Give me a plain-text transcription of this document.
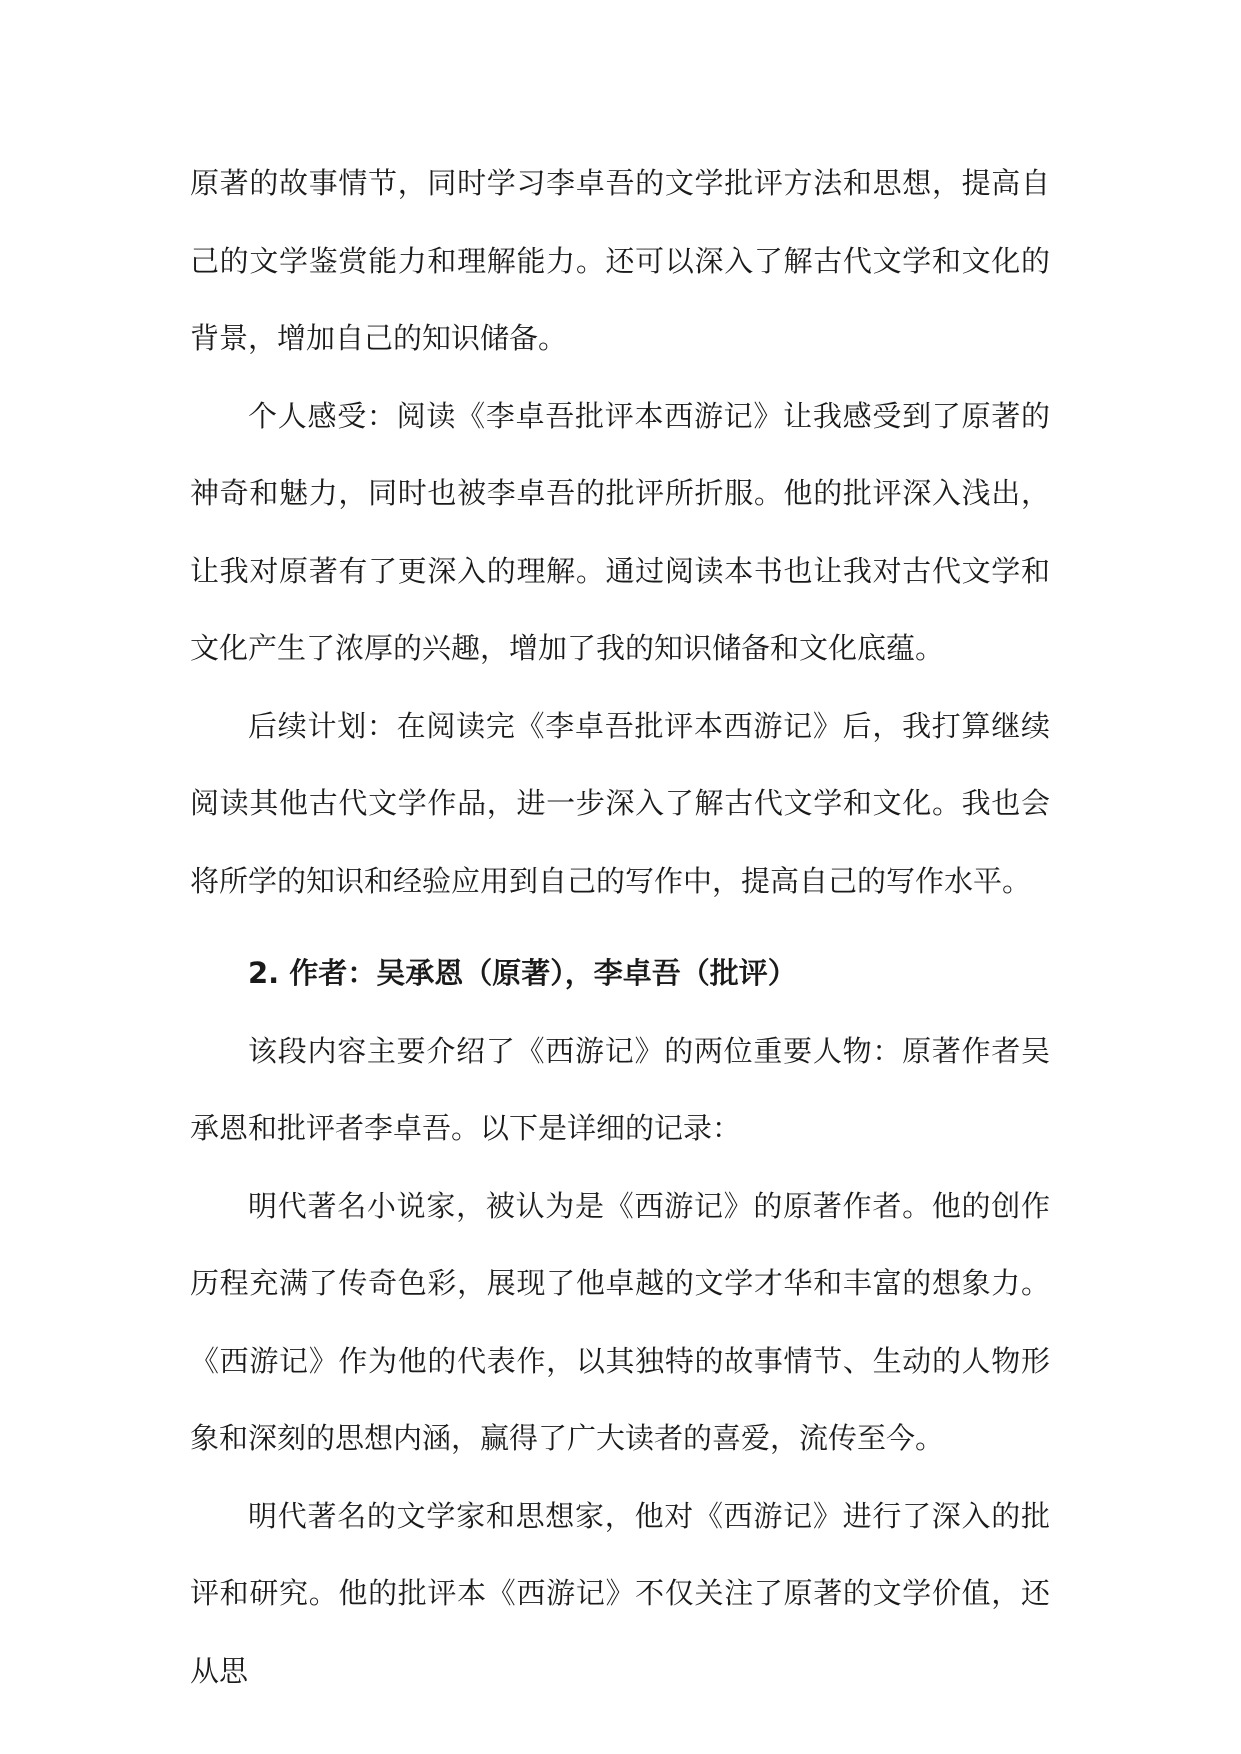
原著的故事情节，同时学习李卓吾的文学批评方法和思想，提高自己的文学鉴赏能力和理解能力。还可以深入了解古代文学和文化的背景，增加自己的知识储备。

个人感受：阅读《李卓吾批评本西游记》让我感受到了原著的神奇和魅力，同时也被李卓吾的批评所折服。他的批评深入浅出，让我对原著有了更深入的理解。通过阅读本书也让我对古代文学和文化产生了浓厚的兴趣，增加了我的知识储备和文化底蕴。

后续计划：在阅读完《李卓吾批评本西游记》后，我打算继续阅读其他古代文学作品，进一步深入了解古代文学和文化。我也会将所学的知识和经验应用到自己的写作中，提高自己的写作水平。

2. 作者：吴承恩（原著），李卓吾（批评）

该段内容主要介绍了《西游记》的两位重要人物：原著作者吴承恩和批评者李卓吾。以下是详细的记录：

明代著名小说家，被认为是《西游记》的原著作者。他的创作历程充满了传奇色彩，展现了他卓越的文学才华和丰富的想象力。《西游记》作为他的代表作，以其独特的故事情节、生动的人物形象和深刻的思想内涵，赢得了广大读者的喜爱，流传至今。

明代著名的文学家和思想家，他对《西游记》进行了深入的批评和研究。他的批评本《西游记》不仅关注了原著的文学价值，还从思
